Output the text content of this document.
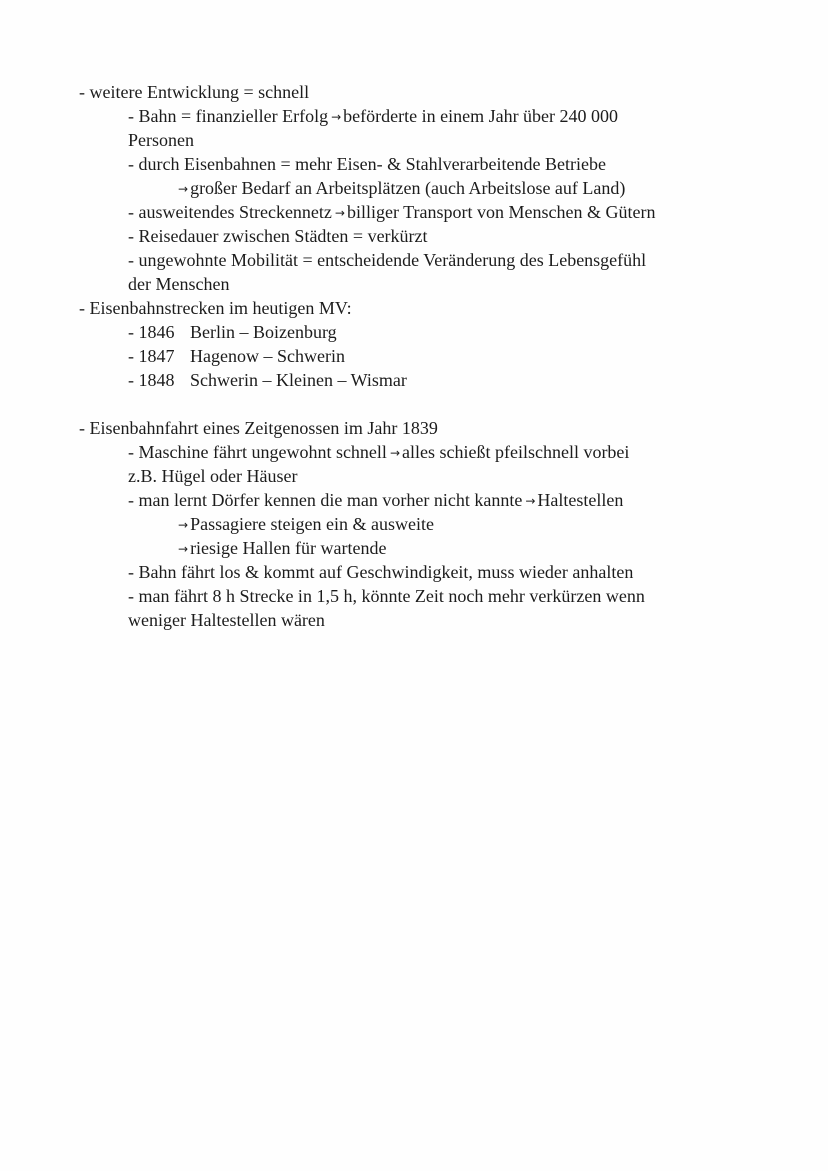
- weitere Entwicklung = schnell
- Bahn = finanzieller Erfolg → beförderte in einem Jahr über 240 000
Personen
- durch Eisenbahnen = mehr Eisen- & Stahlverarbeitende Betriebe
→ großer Bedarf an Arbeitsplätzen (auch Arbeitslose auf Land)
- ausweitendes Streckennetz → billiger Transport von Menschen & Gütern
- Reisedauer zwischen Städten = verkürzt
- ungewohnte Mobilität = entscheidende Veränderung des Lebensgefühl
der Menschen
- Eisenbahnstrecken im heutigen MV:
- 1846 Berlin – Boizenburg
- 1847 Hagenow – Schwerin
- 1848 Schwerin – Kleinen – Wismar
- Eisenbahnfahrt eines Zeitgenossen im Jahr 1839
- Maschine fährt ungewohnt schnell → alles schießt pfeilschnell vorbei
z.B. Hügel oder Häuser
- man lernt Dörfer kennen die man vorher nicht kannte → Haltestellen
→ Passagiere steigen ein & ausweite
→ riesige Hallen für wartende
- Bahn fährt los & kommt auf Geschwindigkeit, muss wieder anhalten
- man fährt 8 h Strecke in 1,5 h, könnte Zeit noch mehr verkürzen wenn
weniger Haltestellen wären
